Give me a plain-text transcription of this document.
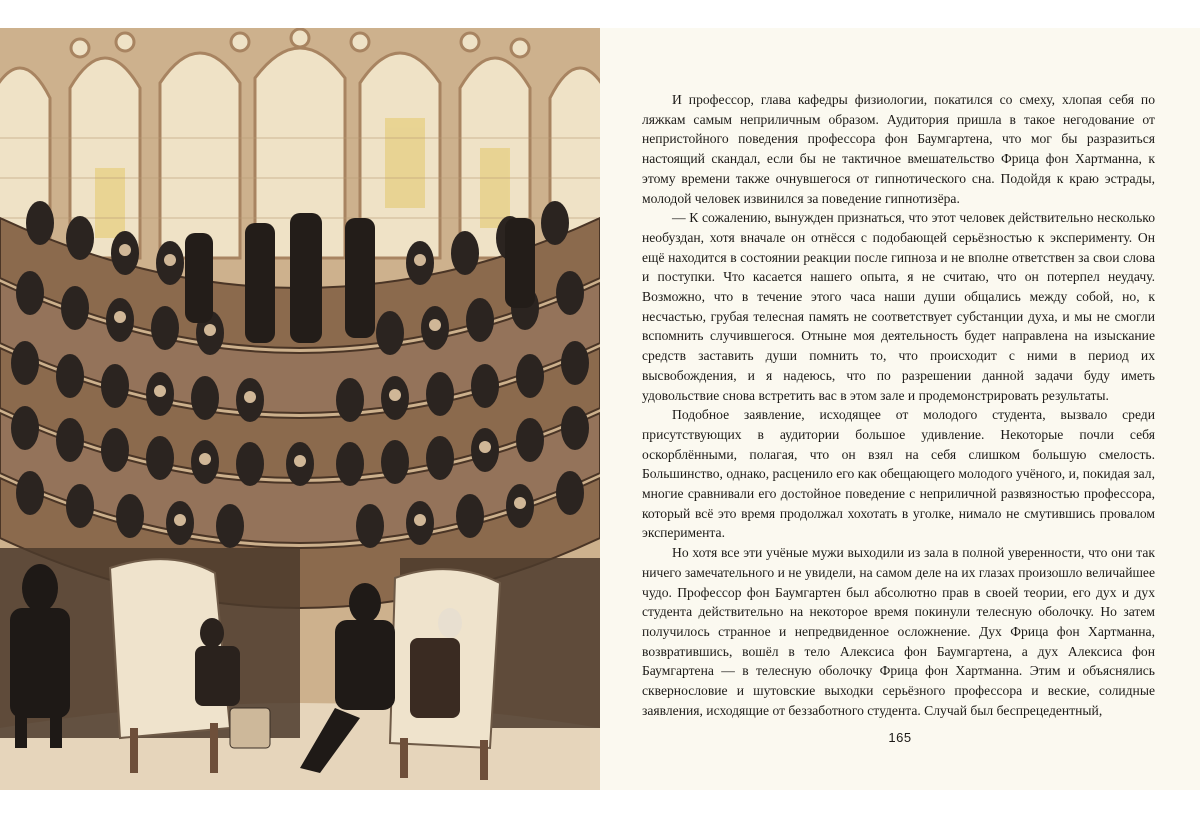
И профессор, глава кафедры физиологии, покатился со смеху, хлопая себя по ляжкам самым неприличным образом. Аудитория пришла в такое негодование от непристойного поведения профессора фон Баумгартена, что мог бы разразиться настоящий скандал, если бы не тактичное вмешательство Фрица фон Хартманна, к этому времени также очнувшегося от гипнотического сна. Подойдя к краю эстрады, молодой человек извинился за поведение гипнотизёра.

— К сожалению, вынужден признаться, что этот человек действительно несколько необуздан, хотя вначале он отнёсся с подобающей серьёзностью к эксперименту. Он ещё находится в состоянии реакции после гипноза и не вполне ответствен за свои слова и поступки. Что касается нашего опыта, я не считаю, что он потерпел неудачу. Возможно, что в течение этого часа наши души общались между собой, но, к несчастью, грубая телесная память не соответствует субстанции духа, и мы не смогли вспомнить случившегося. Отныне моя деятельность будет направлена на изыскание средств заставить души помнить то, что происходит с ними в период их высвобождения, и я надеюсь, что по разрешении данной задачи буду иметь удовольствие снова встретить вас в этом зале и продемонстрировать результаты.

Подобное заявление, исходящее от молодого студента, вызвало среди присутствующих в аудитории большое удивление. Некоторые почли себя оскорблёнными, полагая, что он взял на себя слишком большую смелость. Большинство, однако, расценило его как обещающего молодого учёного, и, покидая зал, многие сравнивали его достойное поведение с неприличной развязностью профессора, который всё это время продолжал хохотать в уголке, нимало не смутившись провалом эксперимента.

Но хотя все эти учёные мужи выходили из зала в полной уверенности, что они так ничего замечательного и не увидели, на самом деле на их глазах произошло величайшее чудо. Профессор фон Баумгартен был абсолютно прав в своей теории, его дух и дух студента действительно на некоторое время покинули телесную оболочку. Но затем получилось странное и непредвиденное осложнение. Дух Фрица фон Хартманна, возвратившись, вошёл в тело Алексиса фон Баумгартена, а дух Алексиса фон Баумгартена — в телесную оболочку Фрица фон Хартманна. Этим и объяснялись сквернословие и шутовские выходки серьёзного профессора и веские, солидные заявления, исходящие от беззаботного студента. Случай был беспрецедентный,

165
